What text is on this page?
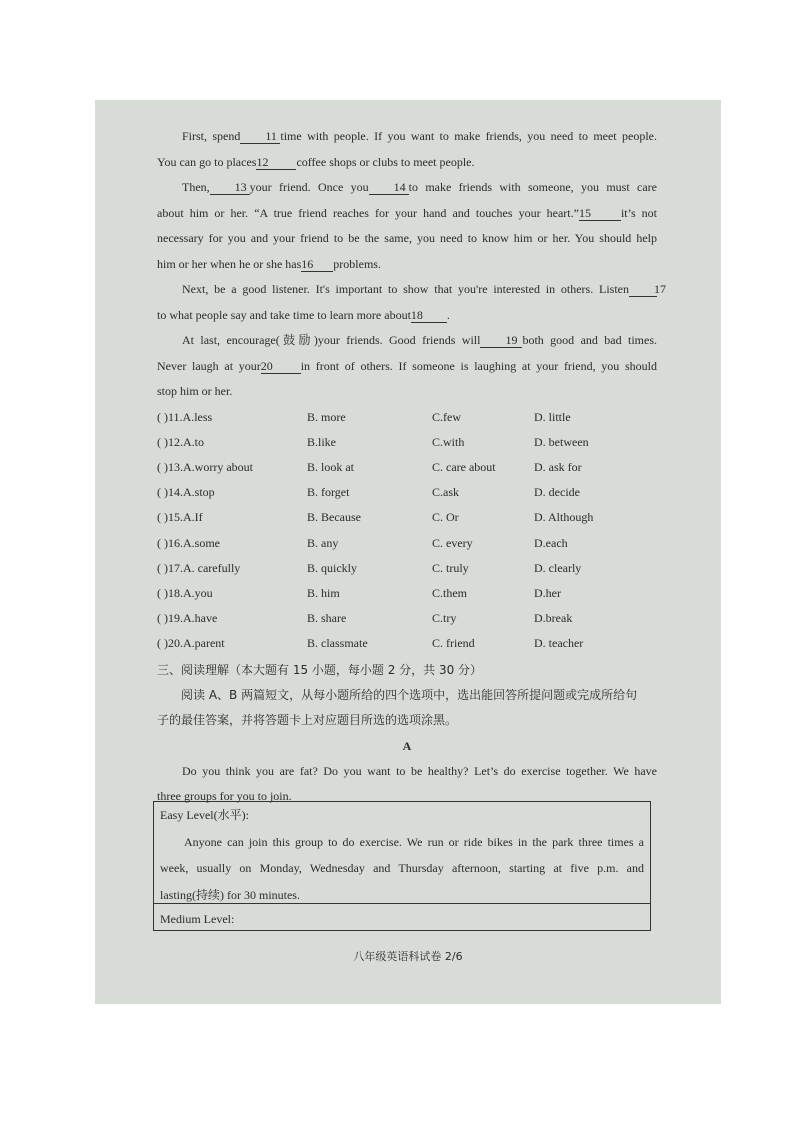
First, spend 11 time with people. If you want to make friends, you need to meet people.

You can go to places12 coffee shops or clubs to meet people.

Then, 13 your friend. Once you 14 to make friends with someone, you must care

about him or her. “A true friend reaches for your hand and touches your heart.”15	it’s not

necessary for you and your friend to be the same, you need to know him or her. You should help

him or her when he or she has16 problems.

Next, be a good listener. It's important to show that you're interested in others. Listen 17

to what people say and take time to learn more about18 .

At last, encourage(鼓励)your friends. Good friends will 19 both good and bad times.

Never laugh at your20 in front of others. If someone is laughing at your friend, you should

stop him or her.

( )11.A.less	B. more	C.few	D. little
( )12.A.to	B.like	C.with	D. between
( )13.A.worry about	B. look at	C. care about	D. ask for
( )14.A.stop	B. forget	C.ask	D. decide
( )15.A.If	B. Because	C. Or	D. Although
( )16.A.some	B. any	C. every	D.each
( )17.A. carefully	B. quickly	C. truly	D. clearly
( )18.A.you	B. him	C.them	D.her
( )19.A.have	B. share	C.try	D.break
( )20.A.parent	B. classmate	C. friend	D. teacher
三、阅读理解（本大题有 15 小题，每小题 2 分，共 30 分）

阅读 A、B 两篇短文，从每小题所给的四个选项中，选出能回答所提问题或完成所给句

子的最佳答案，并将答题卡上对应题目所选的选项涂黑。

A

Do you think you are fat? Do you want to be healthy? Let’s do exercise together. We have

three groups for you to join.

Easy Level(水平):
Anyone can join this group to do exercise. We run or ride bikes in the park three times a
week, usually on Monday, Wednesday and Thursday afternoon, starting at five p.m. and
lasting(持续) for 30 minutes.
Medium Level:
八年级英语科试卷 2/6
